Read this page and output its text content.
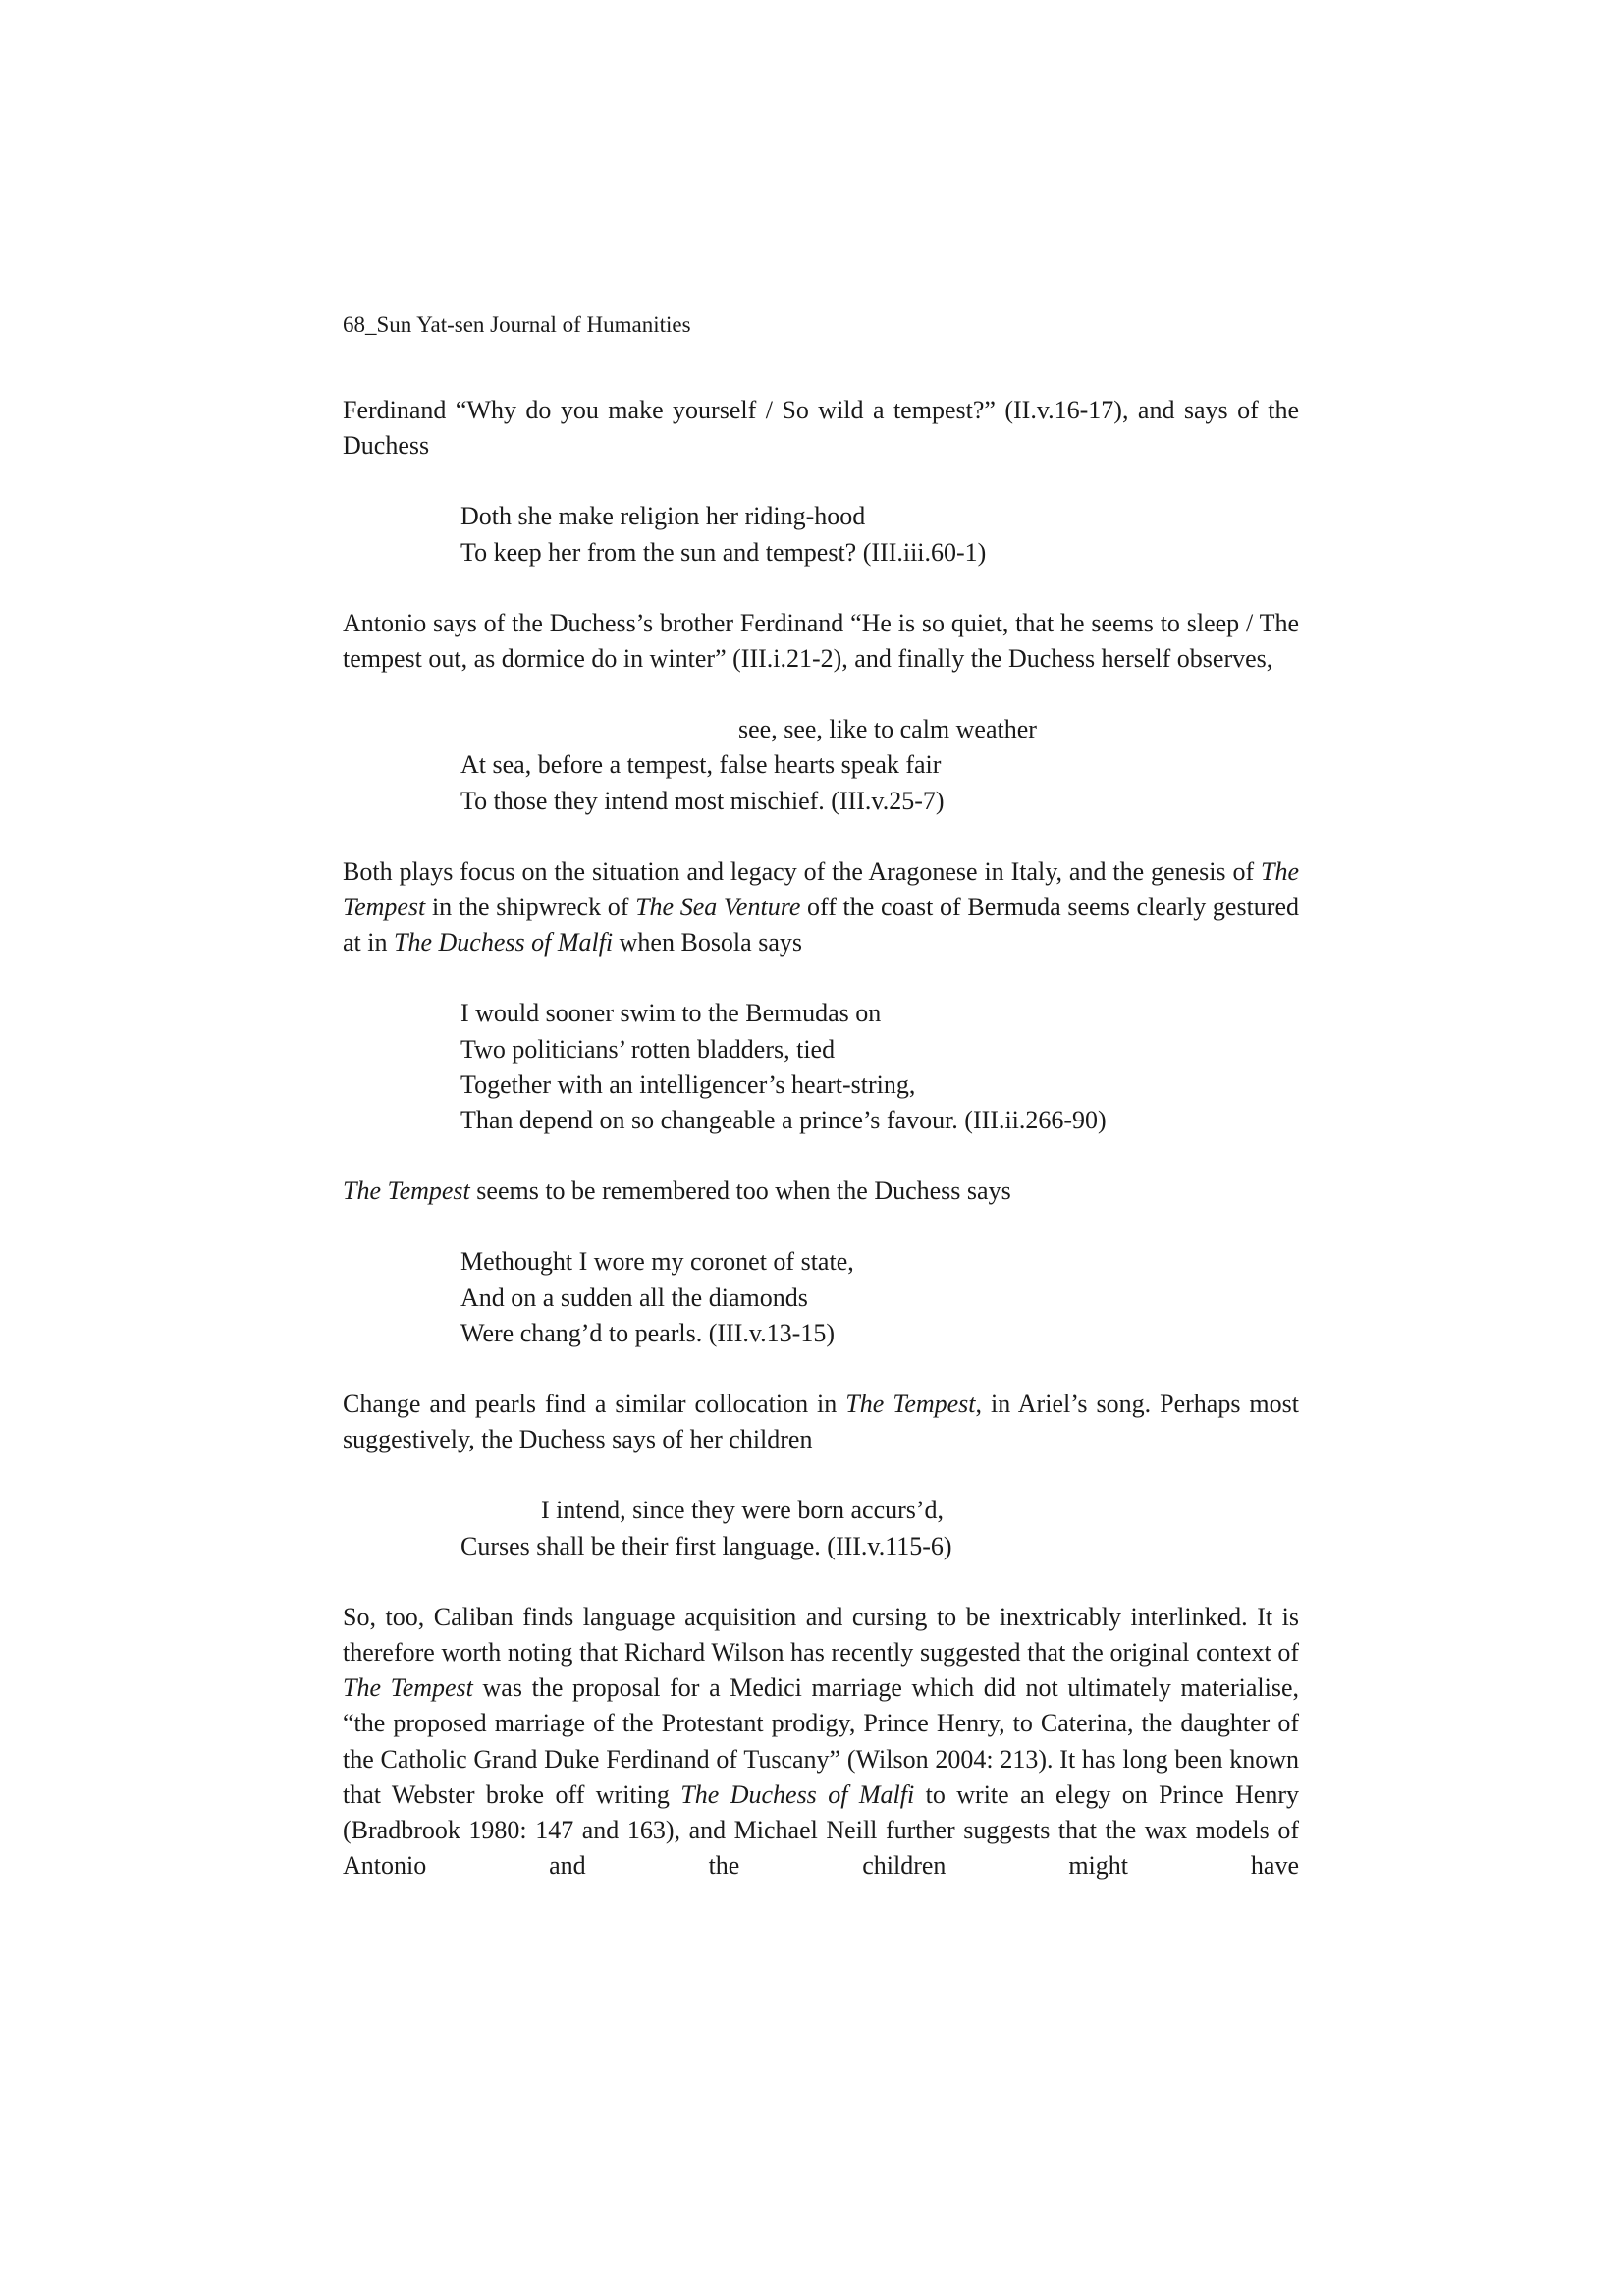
68_Sun Yat-sen Journal of Humanities

Ferdinand “Why do you make yourself / So wild a tempest?” (II.v.16-17), and says of the Duchess

Doth she make religion her riding-hood
To keep her from the sun and tempest? (III.iii.60-1)

Antonio says of the Duchess’s brother Ferdinand “He is so quiet, that he seems to sleep / The tempest out, as dormice do in winter” (III.i.21-2), and finally the Duchess herself observes,

see, see, like to calm weather
At sea, before a tempest, false hearts speak fair
To those they intend most mischief. (III.v.25-7)

Both plays focus on the situation and legacy of the Aragonese in Italy, and the genesis of The Tempest in the shipwreck of The Sea Venture off the coast of Bermuda seems clearly gestured at in The Duchess of Malfi when Bosola says

I would sooner swim to the Bermudas on
Two politicians’ rotten bladders, tied
Together with an intelligencer’s heart-string,
Than depend on so changeable a prince’s favour. (III.ii.266-90)

The Tempest seems to be remembered too when the Duchess says

Methought I wore my coronet of state,
And on a sudden all the diamonds
Were chang’d to pearls. (III.v.13-15)

Change and pearls find a similar collocation in The Tempest, in Ariel’s song. Perhaps most suggestively, the Duchess says of her children

I intend, since they were born accurs’d,
Curses shall be their first language. (III.v.115-6)

So, too, Caliban finds language acquisition and cursing to be inextricably interlinked. It is therefore worth noting that Richard Wilson has recently suggested that the original context of The Tempest was the proposal for a Medici marriage which did not ultimately materialise, “the proposed marriage of the Protestant prodigy, Prince Henry, to Caterina, the daughter of the Catholic Grand Duke Ferdinand of Tuscany” (Wilson 2004: 213). It has long been known that Webster broke off writing The Duchess of Malfi to write an elegy on Prince Henry (Bradbrook 1980: 147 and 163), and Michael Neill further suggests that the wax models of Antonio and the children might have
